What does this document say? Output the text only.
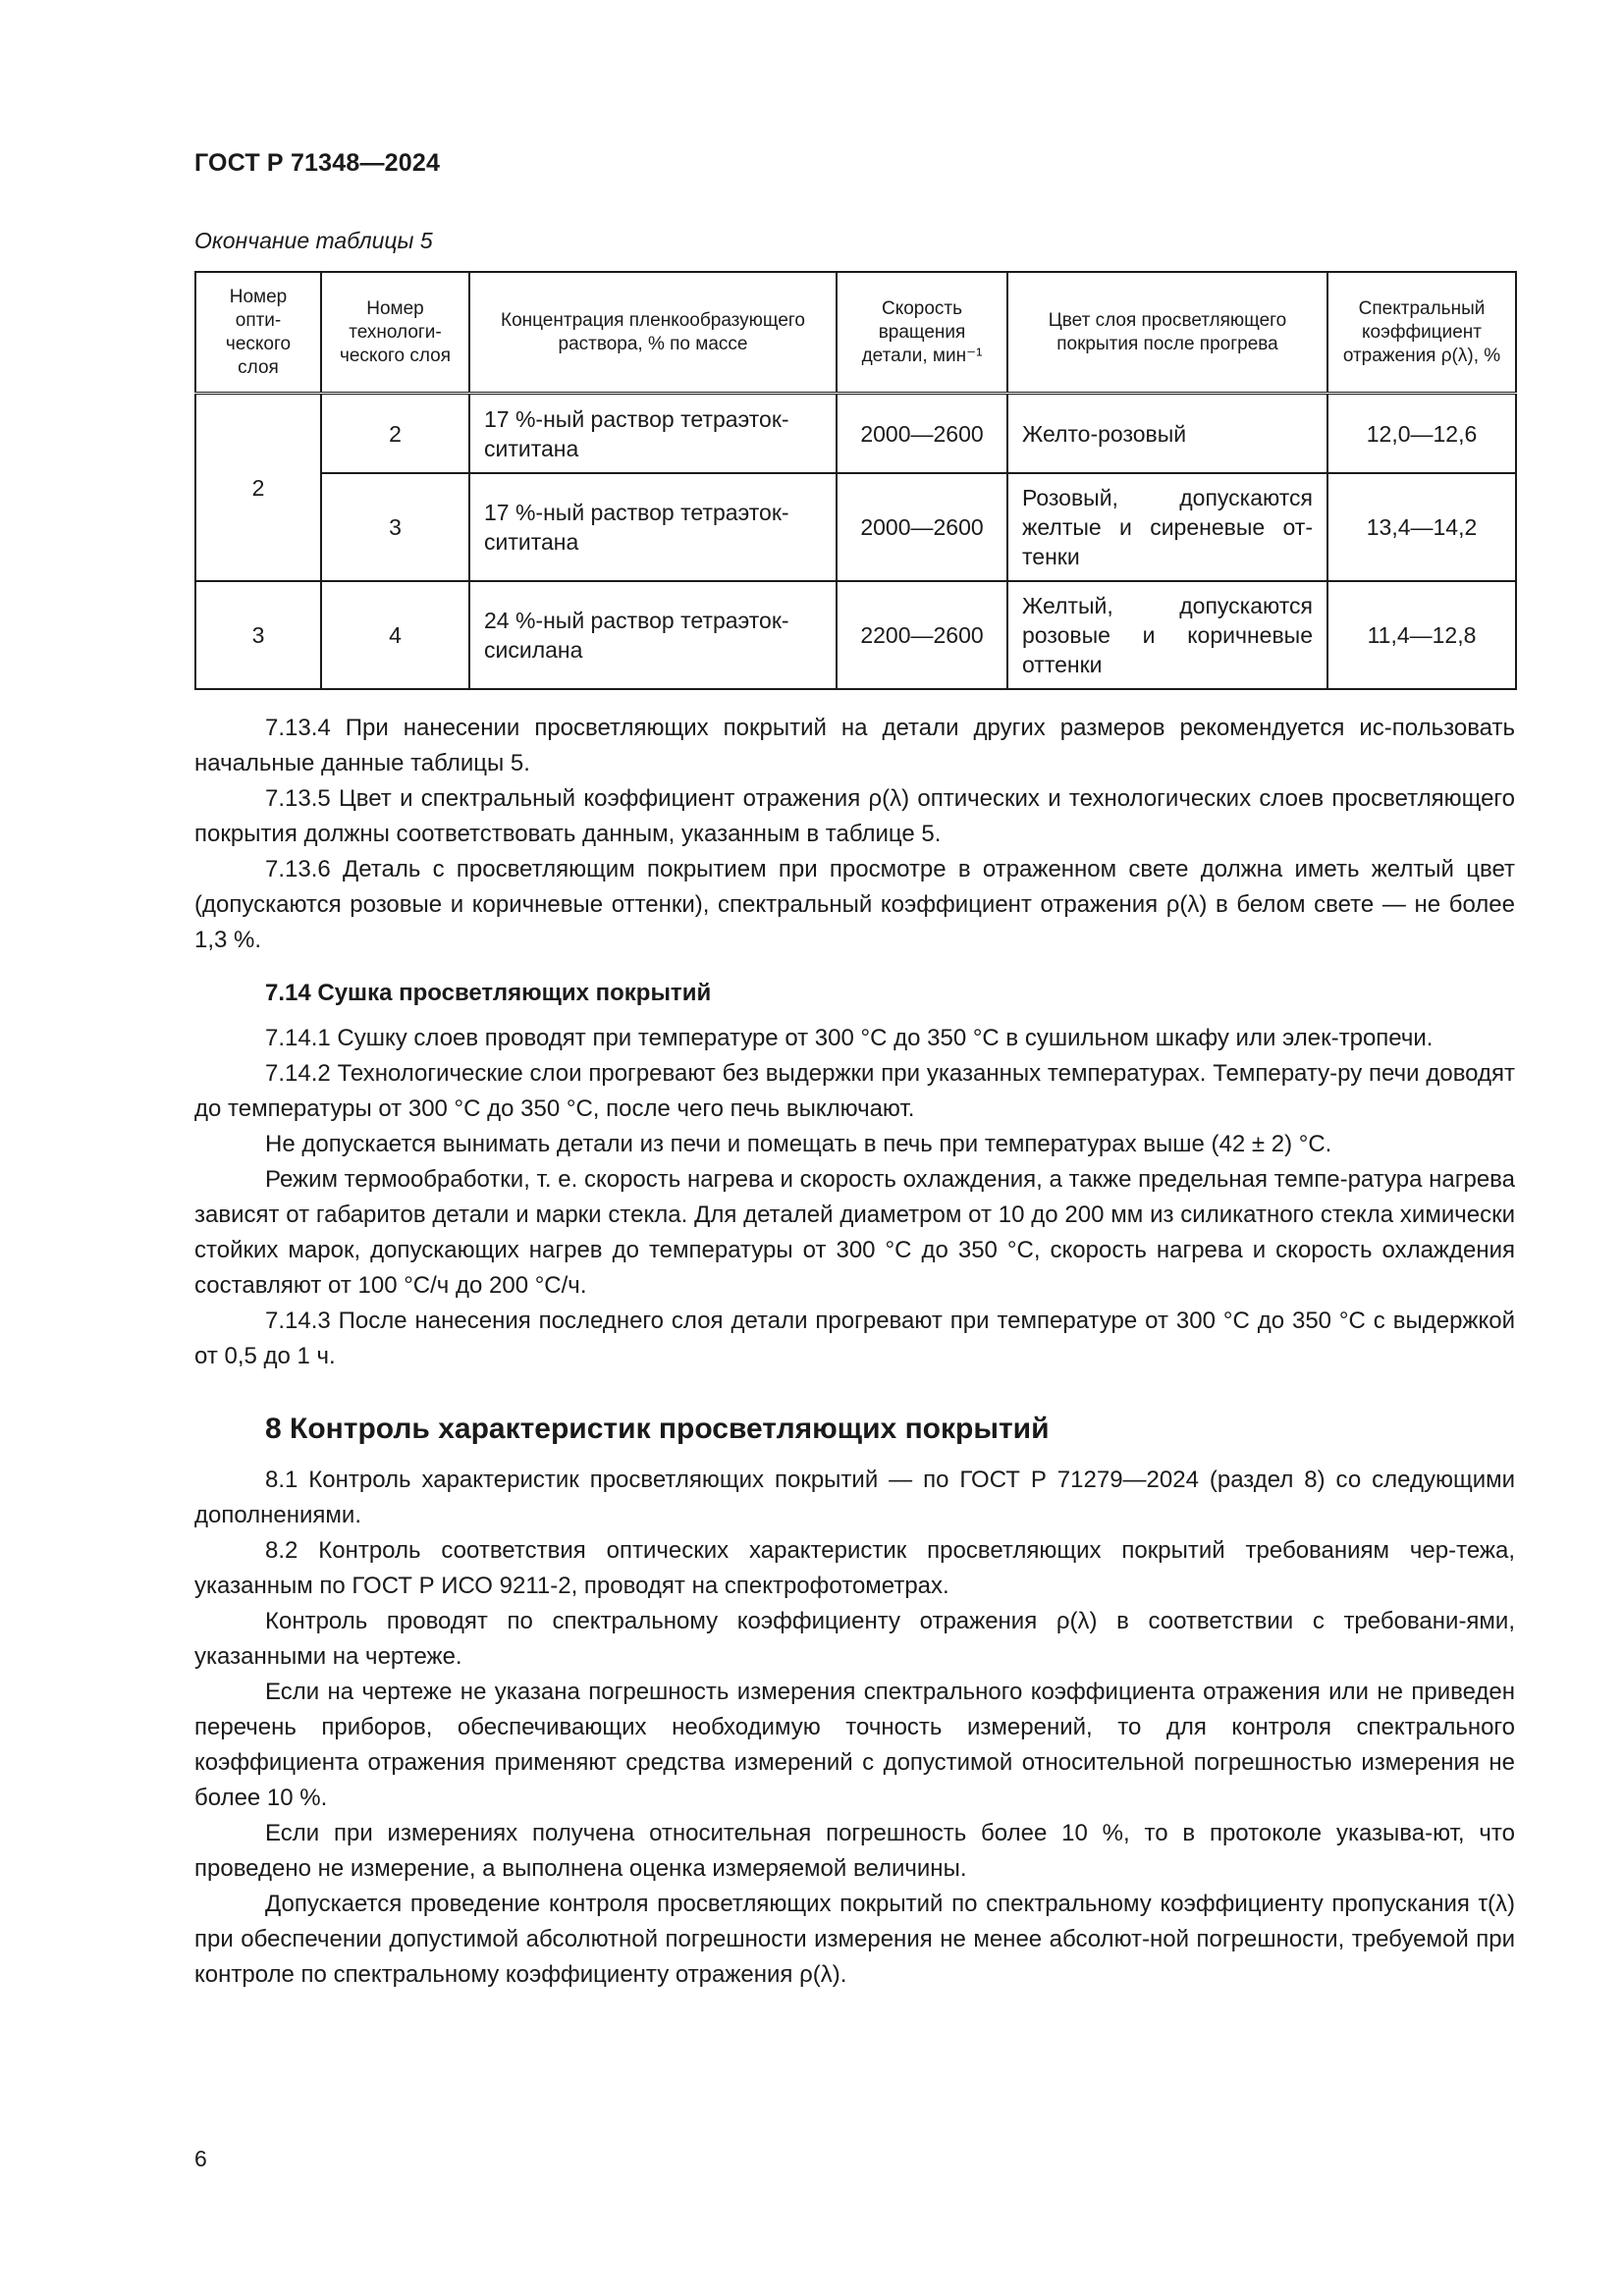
ГОСТ Р 71348—2024
Окончание таблицы 5
Номер опти-ческого слоя	Номер технологи-ческого слоя	Концентрация пленкообразующего раствора, % по массе	Скорость вращения детали, мин⁻¹	Цвет слоя просветляющего покрытия после прогрева	Спектральный коэффициент отражения ρ(λ), %
2	2	17 %-ный раствор тетраэток-сититана	2000—2600	Желто-розовый	12,0—12,6
	3	17 %-ный раствор тетраэток-сититана	2000—2600	Розовый, допускаются желтые и сиреневые от-тенки	13,4—14,2
3	4	24 %-ный раствор тетраэток-сисилана	2200—2600	Желтый, допускаются розовые и коричневые оттенки	11,4—12,8

7.13.4 При нанесении просветляющих покрытий на детали других размеров рекомендуется ис-пользовать начальные данные таблицы 5.

7.13.5 Цвет и спектральный коэффициент отражения ρ(λ) оптических и технологических слоев просветляющего покрытия должны соответствовать данным, указанным в таблице 5.

7.13.6 Деталь с просветляющим покрытием при просмотре в отраженном свете должна иметь желтый цвет (допускаются розовые и коричневые оттенки), спектральный коэффициент отражения ρ(λ) в белом свете — не более 1,3 %.

7.14 Сушка просветляющих покрытий

7.14.1 Сушку слоев проводят при температуре от 300 °С до 350 °С в сушильном шкафу или элек-тропечи.

7.14.2 Технологические слои прогревают без выдержки при указанных температурах. Температу-ру печи доводят до температуры от 300 °С до 350 °С, после чего печь выключают.

Не допускается вынимать детали из печи и помещать в печь при температурах выше (42 ± 2) °С.

Режим термообработки, т. е. скорость нагрева и скорость охлаждения, а также предельная темпе-ратура нагрева зависят от габаритов детали и марки стекла. Для деталей диаметром от 10 до 200 мм из силикатного стекла химически стойких марок, допускающих нагрев до температуры от 300 °С до 350 °С, скорость нагрева и скорость охлаждения составляют от 100 °С/ч до 200 °С/ч.

7.14.3 После нанесения последнего слоя детали прогревают при температуре от 300 °С до 350 °С с выдержкой от 0,5 до 1 ч.

8 Контроль характеристик просветляющих покрытий

8.1 Контроль характеристик просветляющих покрытий — по ГОСТ Р 71279—2024 (раздел 8) со следующими дополнениями.

8.2 Контроль соответствия оптических характеристик просветляющих покрытий требованиям чер-тежа, указанным по ГОСТ Р ИСО 9211-2, проводят на спектрофотометрах.

Контроль проводят по спектральному коэффициенту отражения ρ(λ) в соответствии с требовани-ями, указанными на чертеже.

Если на чертеже не указана погрешность измерения спектрального коэффициента отражения или не приведен перечень приборов, обеспечивающих необходимую точность измерений, то для контроля спектрального коэффициента отражения применяют средства измерений с допустимой относительной погрешностью измерения не более 10 %.

Если при измерениях получена относительная погрешность более 10 %, то в протоколе указыва-ют, что проведено не измерение, а выполнена оценка измеряемой величины.

Допускается проведение контроля просветляющих покрытий по спектральному коэффициенту пропускания τ(λ) при обеспечении допустимой абсолютной погрешности измерения не менее абсолют-ной погрешности, требуемой при контроле по спектральному коэффициенту отражения ρ(λ).

6
